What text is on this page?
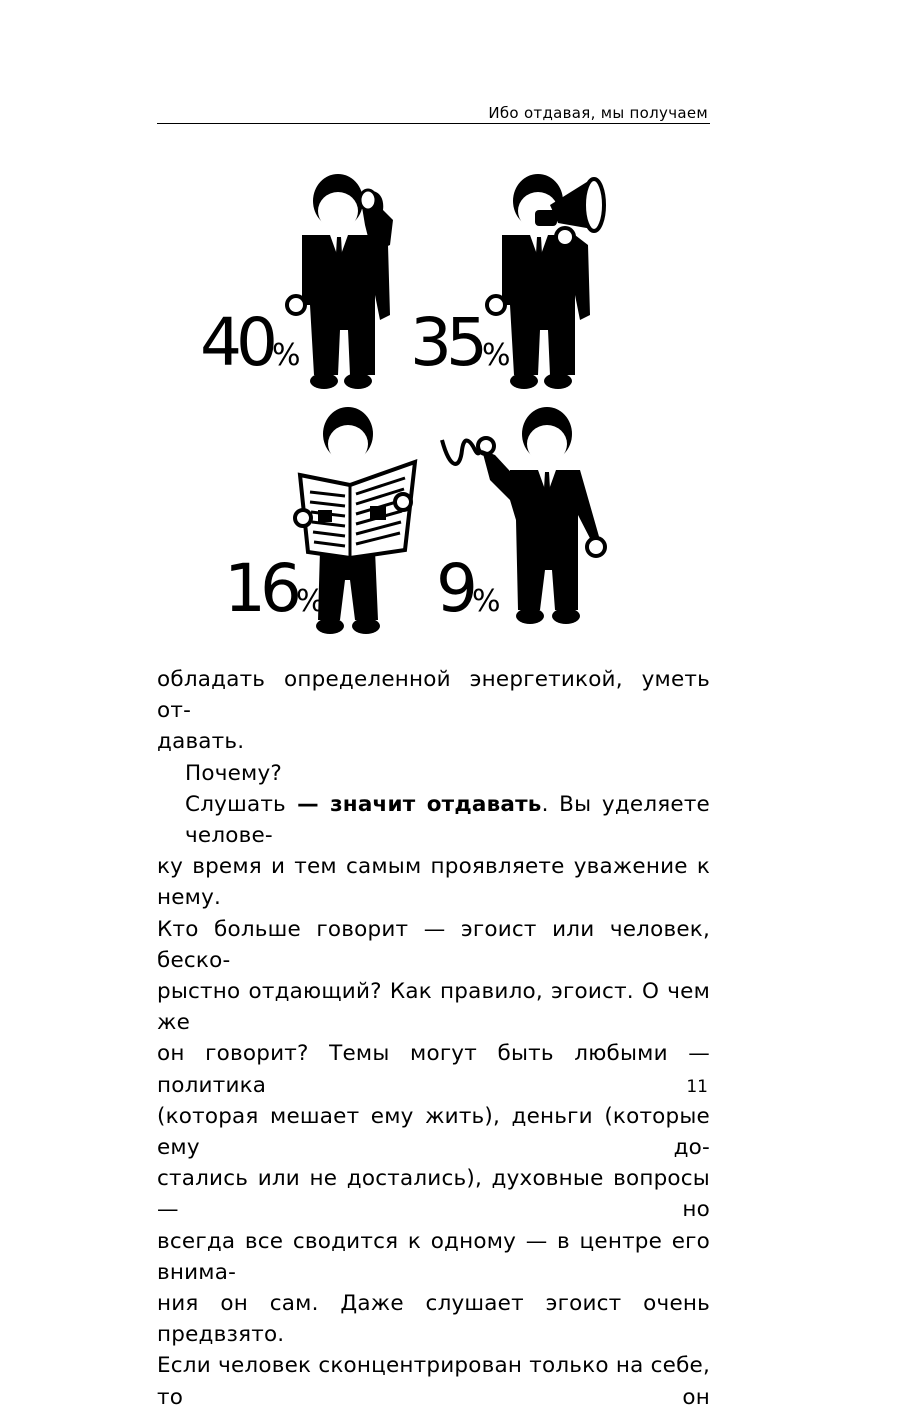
Ибо отдавая, мы получаем
40% 35%
16% 9%
обладать определенной энергетикой, уметь от-
давать.
Почему?
Слушать — значит отдавать. Вы уделяете челове-
ку время и тем самым проявляете уважение к нему.
Кто больше говорит — эгоист или человек, беско-
рыстно отдающий? Как правило, эгоист. О чем же
он говорит? Темы могут быть любыми — политика
(которая мешает ему жить), деньги (которые ему до-
стались или не достались), духовные вопросы — но
всегда все сводится к одному — в центре его внима-
ния он сам. Даже слушает эгоист очень предвзято.
Если человек сконцентрирован только на себе, то он
11
